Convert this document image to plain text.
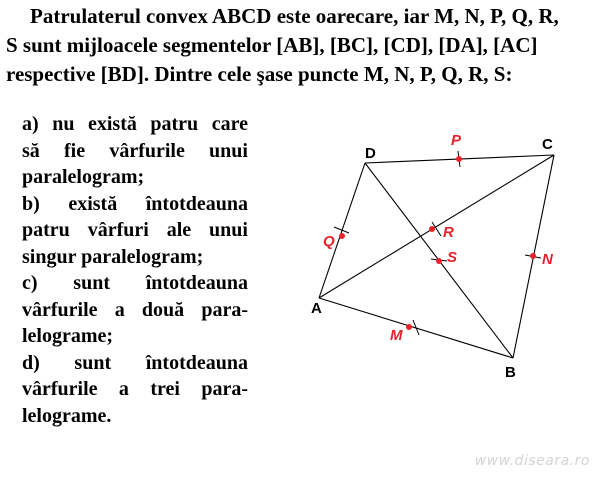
Patrulaterul convex ABCD este oarecare, iar M, N, P, Q, R,
S sunt mijloacele segmentelor [AB], [BC], [CD], [DA], [AC]
respective [BD]. Dintre cele şase puncte M, N, P, Q, R, S:
a) nu există patru care
să fie vârfurile unui
paralelogram;
b) există întotdeauna
patru vârfuri ale unui
singur paralelogram;
c) sunt întotdeauna
vârfurile a două para-
lelograme;
d) sunt întotdeauna
vârfurile a trei para-
lelograme.
A
B
C
D
M
N
P
Q
R
S
www.diseara.ro
